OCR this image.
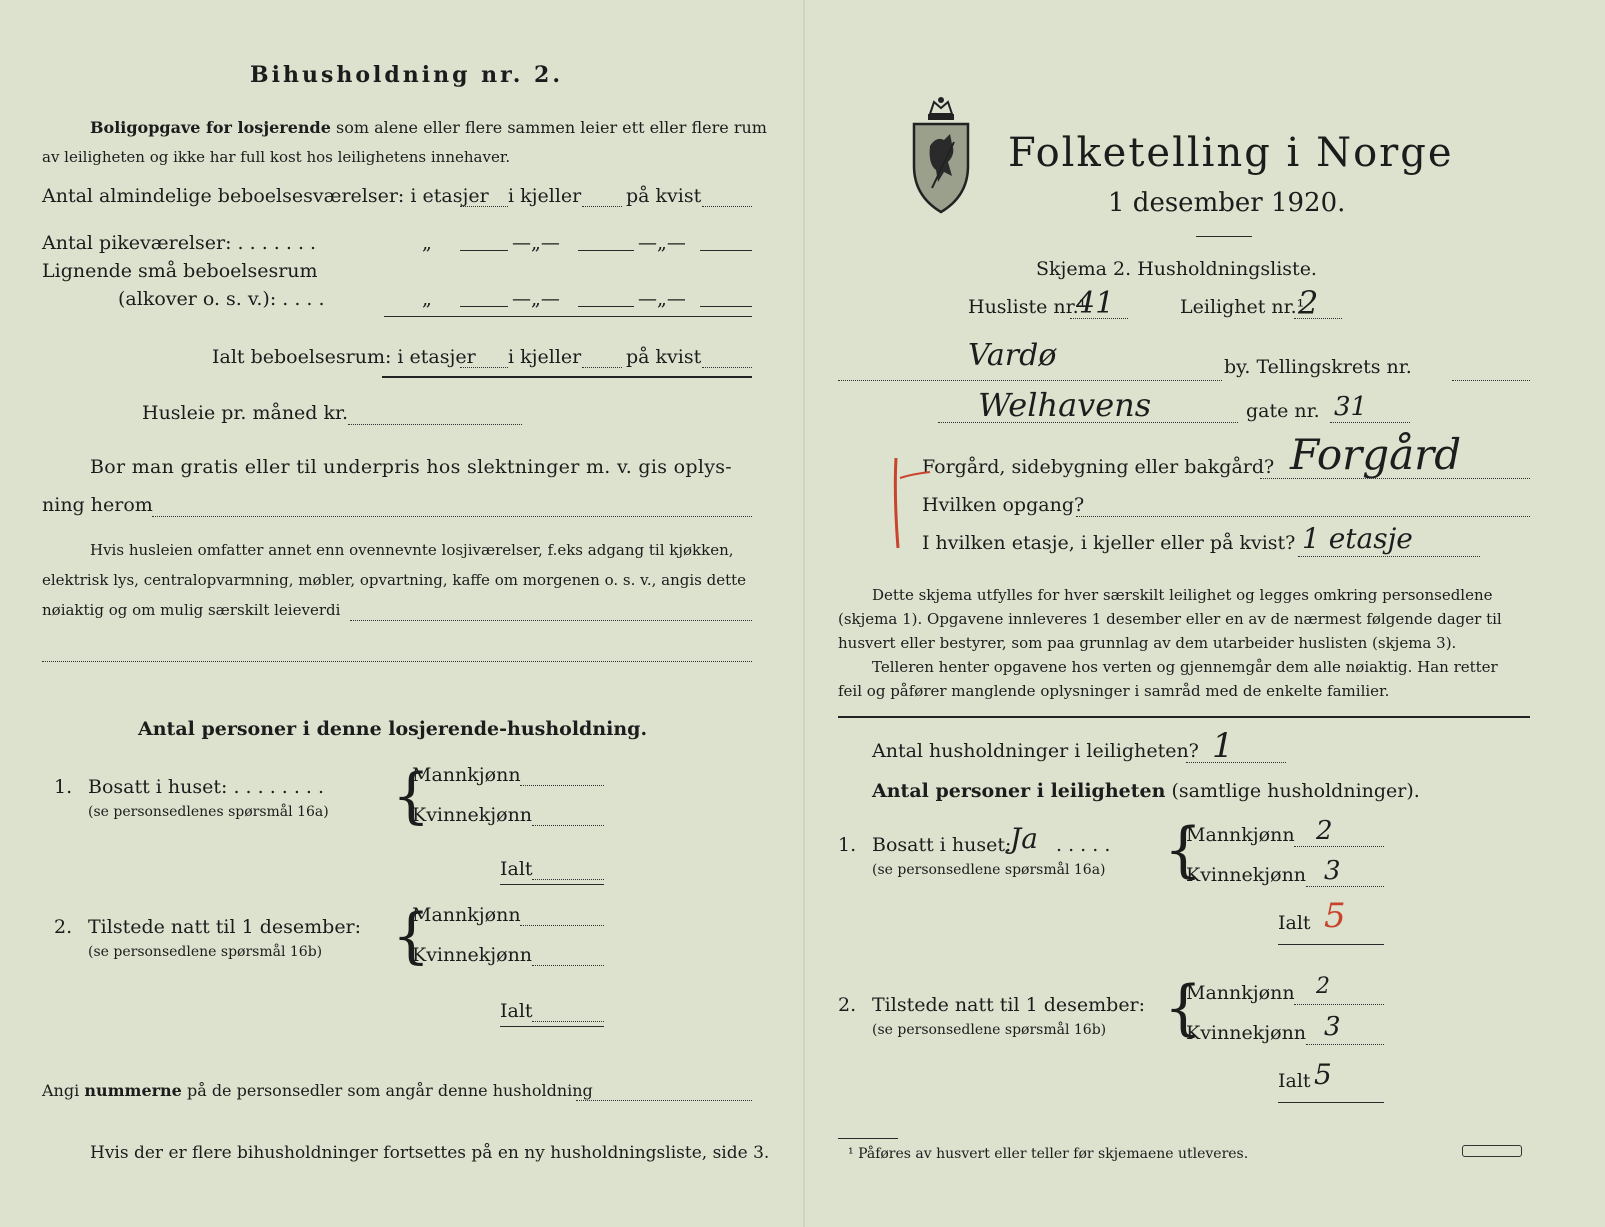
Bihusholdning nr. 2.
Boligopgave for losjerende som alene eller flere sammen leier ett eller flere rum
av leiligheten og ikke har full kost hos leilighetens innehaver.
Antal almindelige beboelsesværelser: i etasjer i kjeller på kvist
Antal pikeværelser: . . . . . . .	„	—„—	—„—
Lignende små beboelsesrum
(alkover o. s. v.): . . . .	„	—„—	—„—
Ialt beboelsesrum: i etasjer i kjeller på kvist
Husleie pr. måned kr.
Bor man gratis eller til underpris hos slektninger m. v. gis oplys-
ning herom
Hvis husleien omfatter annet enn ovennevnte losjiværelser, f.eks adgang til kjøkken,
elektrisk lys, centralopvarmning, møbler, opvartning, kaffe om morgenen o. s. v., angis dette
nøiaktig og om mulig særskilt leieverdi
Antal personer i denne losjerende-husholdning.
1. Bosatt i huset: . . . . . . . .
(se personsedlenes spørsmål 16a) {
Mannkjønn
Kvinnekjønn
Ialt
2. Tilstede natt til 1 desember:
(se personsedlene spørsmål 16b) {
Mannkjønn
Kvinnekjønn
Ialt
Angi nummerne på de personsedler som angår denne husholdning
Hvis der er flere bihusholdninger fortsettes på en ny husholdningsliste, side 3.
Folketelling i Norge
1 desember 1920.
Skjema 2. Husholdningsliste.
Husliste nr.¹
41	Leilighet nr.¹
2
Vardø	by. Tellingskrets nr.
Welhavens	gate nr. 31
Forgård, sidebygning eller bakgård? Forgård
Hvilken opgang?
I hvilken etasje, i kjeller eller på kvist? 1 etasje
Dette skjema utfylles for hver særskilt leilighet og legges omkring personsedlene
(skjema 1). Opgavene innleveres 1 desember eller en av de nærmest følgende dager til
husvert eller bestyrer, som paa grunnlag av dem utarbeider huslisten (skjema 3).
Telleren henter opgavene hos verten og gjennemgår dem alle nøiaktig. Han retter
feil og påfører manglende oplysninger i samråd med de enkelte familier.
Antal husholdninger i leiligheten? 1
Antal personer i leiligheten (samtlige husholdninger).
1. Bosatt i huset:
Ja . . . . .
(se personsedlene spørsmål 16a) {
Mannkjønn 2
Kvinnekjønn 3
Ialt 5
2. Tilstede natt til 1 desember:
(se personsedlene spørsmål 16b) {
Mannkjønn 2
Kvinnekjønn 3
Ialt 5
¹ Påføres av husvert eller teller før skjemaene utleveres.
